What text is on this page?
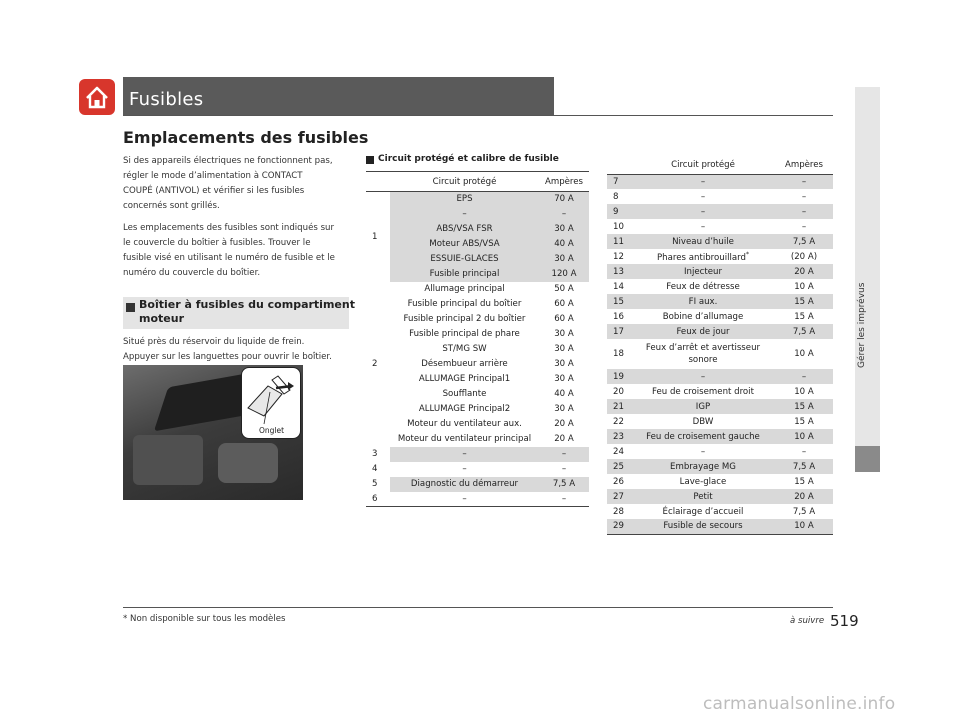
Fusibles
Gérer les imprévus
Emplacements des fusibles
Si des appareils électriques ne fonctionnent pas,
régler le mode d’alimentation à CONTACT
COUPÉ (ANTIVOL) et vérifier si les fusibles
concernés sont grillés.
Les emplacements des fusibles sont indiqués sur
le couvercle du boîtier à fusibles. Trouver le
fusible visé en utilisant le numéro de fusible et le
numéro du couvercle du boîtier.
Boîtier à fusibles du compartiment
moteur
Situé près du réservoir du liquide de frein.
Appuyer sur les languettes pour ouvrir le boîtier.
Onglet
Circuit protégé et calibre de fusible
	Circuit protégé	Ampères
1	EPS	70 A
	–	–
	ABS/VSA FSR	30 A
	Moteur ABS/VSA	40 A
	ESSUIE-GLACES	30 A
	Fusible principal	120 A
2	Allumage principal	50 A
	Fusible principal du boîtier	60 A
	Fusible principal 2 du boîtier	60 A
	Fusible principal de phare	30 A
	ST/MG SW	30 A
	Désembueur arrière	30 A
	ALLUMAGE Principal1	30 A
	Soufflante	40 A
	ALLUMAGE Principal2	30 A
	Moteur du ventilateur aux.	20 A
	Moteur du ventilateur principal	20 A
3	–	–
4	–	–
5	Diagnostic du démarreur	7,5 A
6	–	–
	Circuit protégé	Ampères
7	–	–
8	–	–
9	–	–
10	–	–
11	Niveau d’huile	7,5 A
12	Phares antibrouillard*	(20 A)
13	Injecteur	20 A
14	Feux de détresse	10 A
15	FI aux.	15 A
16	Bobine d’allumage	15 A
17	Feux de jour	7,5 A
18	Feux d’arrêt et avertisseur sonore	10 A
19	–	–
20	Feu de croisement droit	10 A
21	IGP	15 A
22	DBW	15 A
23	Feu de croisement gauche	10 A
24	–	–
25	Embrayage MG	7,5 A
26	Lave-glace	15 A
27	Petit	20 A
28	Éclairage d’accueil	7,5 A
29	Fusible de secours	10 A
* Non disponible sur tous les modèles	à suivre 519
carmanualsonline.info
